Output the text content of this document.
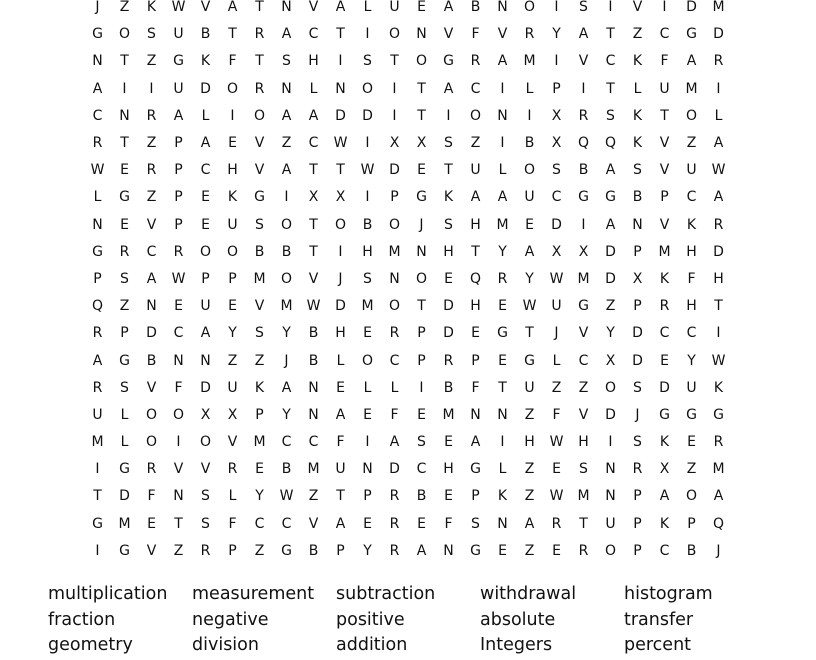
J	Z	K	W	V	A	T	N	V	A	L	U	E	A	B	N	O	I	S	I	V	I	D	M
G	O	S	U	B	T	R	A	C	T	I	O	N	V	F	V	R	Y	A	T	Z	C	G	D
N	T	Z	G	K	F	T	S	H	I	S	T	O	G	R	A	M	I	V	C	K	F	A	R
A	I	I	U	D	O	R	N	L	N	O	I	T	A	C	I	L	P	I	T	L	U	M	I
C	N	R	A	L	I	O	A	A	D	D	I	T	I	O	N	I	X	R	S	K	T	O	L
R	T	Z	P	A	E	V	Z	C	W	I	X	X	S	Z	I	B	X	Q	Q	K	V	Z	A
W	E	R	P	C	H	V	A	T	T	W	D	E	T	U	L	O	S	B	A	S	V	U	W
L	G	Z	P	E	K	G	I	X	X	I	P	G	K	A	A	U	C	G	G	B	P	C	A
N	E	V	P	E	U	S	O	T	O	B	O	J	S	H	M	E	D	I	A	N	V	K	R
G	R	C	R	O	O	B	B	T	I	H	M	N	H	T	Y	A	X	X	D	P	M	H	D
P	S	A	W	P	P	M	O	V	J	S	N	O	E	Q	R	Y	W	M	D	X	K	F	H
Q	Z	N	E	U	E	V	M	W	D	M	O	T	D	H	E	W	U	G	Z	P	R	H	T
R	P	D	C	A	Y	S	Y	B	H	E	R	P	D	E	G	T	J	V	Y	D	C	C	I
A	G	B	N	N	Z	Z	J	B	L	O	C	P	R	P	E	G	L	C	X	D	E	Y	W
R	S	V	F	D	U	K	A	N	E	L	L	I	B	F	T	U	Z	Z	O	S	D	U	K
U	L	O	O	X	X	P	Y	N	A	E	F	E	M	N	N	Z	F	V	D	J	G	G	G
M	L	O	I	O	V	M	C	C	F	I	A	S	E	A	I	H	W	H	I	S	K	E	R
I	G	R	V	V	R	E	B	M	U	N	D	C	H	G	L	Z	E	S	N	R	X	Z	M
T	D	F	N	S	L	Y	W	Z	T	P	R	B	E	P	K	Z	W	M	N	P	A	O	A
G	M	E	T	S	F	C	C	V	A	E	R	E	F	S	N	A	R	T	U	P	K	P	Q
I	G	V	Z	R	P	Z	G	B	P	Y	R	A	N	G	E	Z	E	R	O	P	C	B	J
multiplication	measurement	subtraction	withdrawal	histogram
fraction	negative	positive	absolute	transfer
geometry	division	addition	Integers	percent
